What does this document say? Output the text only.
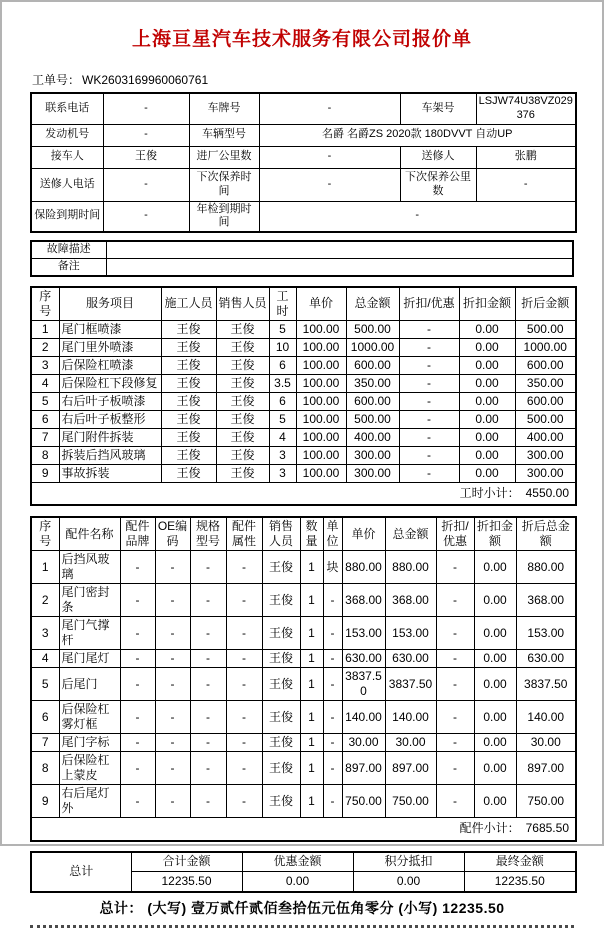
上海亘星汽车技术服务有限公司报价单
工单号： WK2603169960060761
联系电话	-	车牌号	-	车架号	LSJW74U38VZ029376
发动机号	-	车辆型号	名爵 名爵ZS 2020款 180DVVT 自动UP		
接车人	王俊	进厂公里数	-	送修人	张鹏
送修人电话	-	下次保养时间	-	下次保养公里数	-
保险到期时间	-	年检到期时间	-		
故障描述	
备注	
序号	服务项目	施工人员	销售人员	工时	单价	总金额	折扣/优惠	折扣金额	折后金额
1	尾门框喷漆	王俊	王俊	5	100.00	500.00	-	0.00	500.00
2	尾门里外喷漆	王俊	王俊	10	100.00	1000.00	-	0.00	1000.00
3	后保险杠喷漆	王俊	王俊	6	100.00	600.00	-	0.00	600.00
4	后保险杠下段修复	王俊	王俊	3.5	100.00	350.00	-	0.00	350.00
5	右后叶子板喷漆	王俊	王俊	6	100.00	600.00	-	0.00	600.00
6	右后叶子板整形	王俊	王俊	5	100.00	500.00	-	0.00	500.00
7	尾门附件拆装	王俊	王俊	4	100.00	400.00	-	0.00	400.00
8	拆装后挡风玻璃	王俊	王俊	3	100.00	300.00	-	0.00	300.00
9	事故拆装	王俊	王俊	3	100.00	300.00	-	0.00	300.00
工时小计： 4550.00									
序号	配件名称	配件品牌	OE编码	规格型号	配件属性	销售人员	数量	单位	单价	总金额	折扣/优惠	折扣金额	折后总金额
1	后挡风玻璃	-	-	-	-	王俊	1	块	880.00	880.00	-	0.00	880.00
2	尾门密封条	-	-	-	-	王俊	1	-	368.00	368.00	-	0.00	368.00
3	尾门气撑杆	-	-	-	-	王俊	1	-	153.00	153.00	-	0.00	153.00
4	尾门尾灯	-	-	-	-	王俊	1	-	630.00	630.00	-	0.00	630.00
5	后尾门	-	-	-	-	王俊	1	-	3837.50	3837.50	-	0.00	3837.50
6	后保险杠雾灯框	-	-	-	-	王俊	1	-	140.00	140.00	-	0.00	140.00
7	尾门字标	-	-	-	-	王俊	1	-	30.00	30.00	-	0.00	30.00
8	后保险杠上蒙皮	-	-	-	-	王俊	1	-	897.00	897.00	-	0.00	897.00
9	右后尾灯外	-	-	-	-	王俊	1	-	750.00	750.00	-	0.00	750.00
配件小计： 7685.50													
总计	合计金额	优惠金额	积分抵扣	最终金额
	12235.50	0.00	0.00	12235.50
总计： (大写) 壹万贰仟贰佰叁拾伍元伍角零分 (小写) 12235.50
